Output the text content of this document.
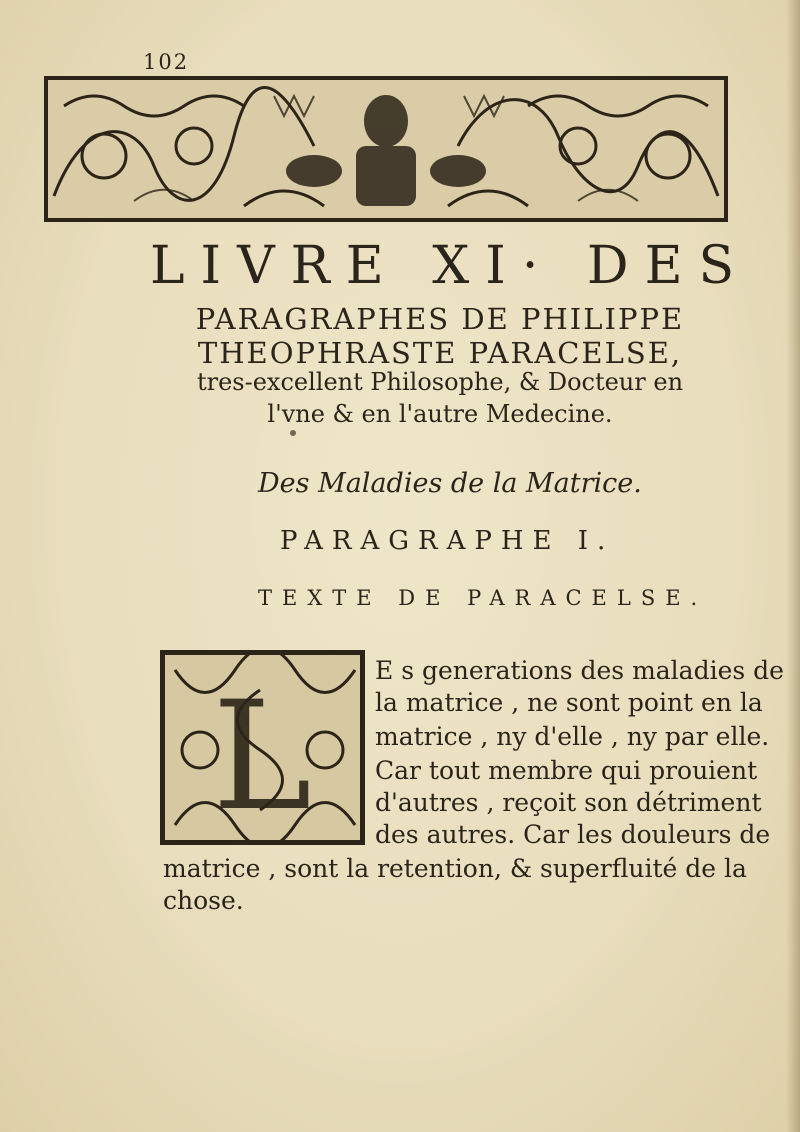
102
LIVRE XI· DES
PARAGRAPHES DE PHILIPPE
THEOPHRASTE PARACELSE,
tres-excellent Philosophe, & Docteur en
l'vne & en l'autre Medecine.
Des Maladies de la Matrice.
PARAGRAPHE I.
TEXTE DE PARACELSE.
L	E s generations des maladies de
la matrice , ne sont point en la
matrice , ny d'elle , ny par elle.
Car tout membre qui prouient
d'autres , reçoit son détriment
des autres. Car les douleurs de
matrice , sont la retention, & superfluité de la
chose.
